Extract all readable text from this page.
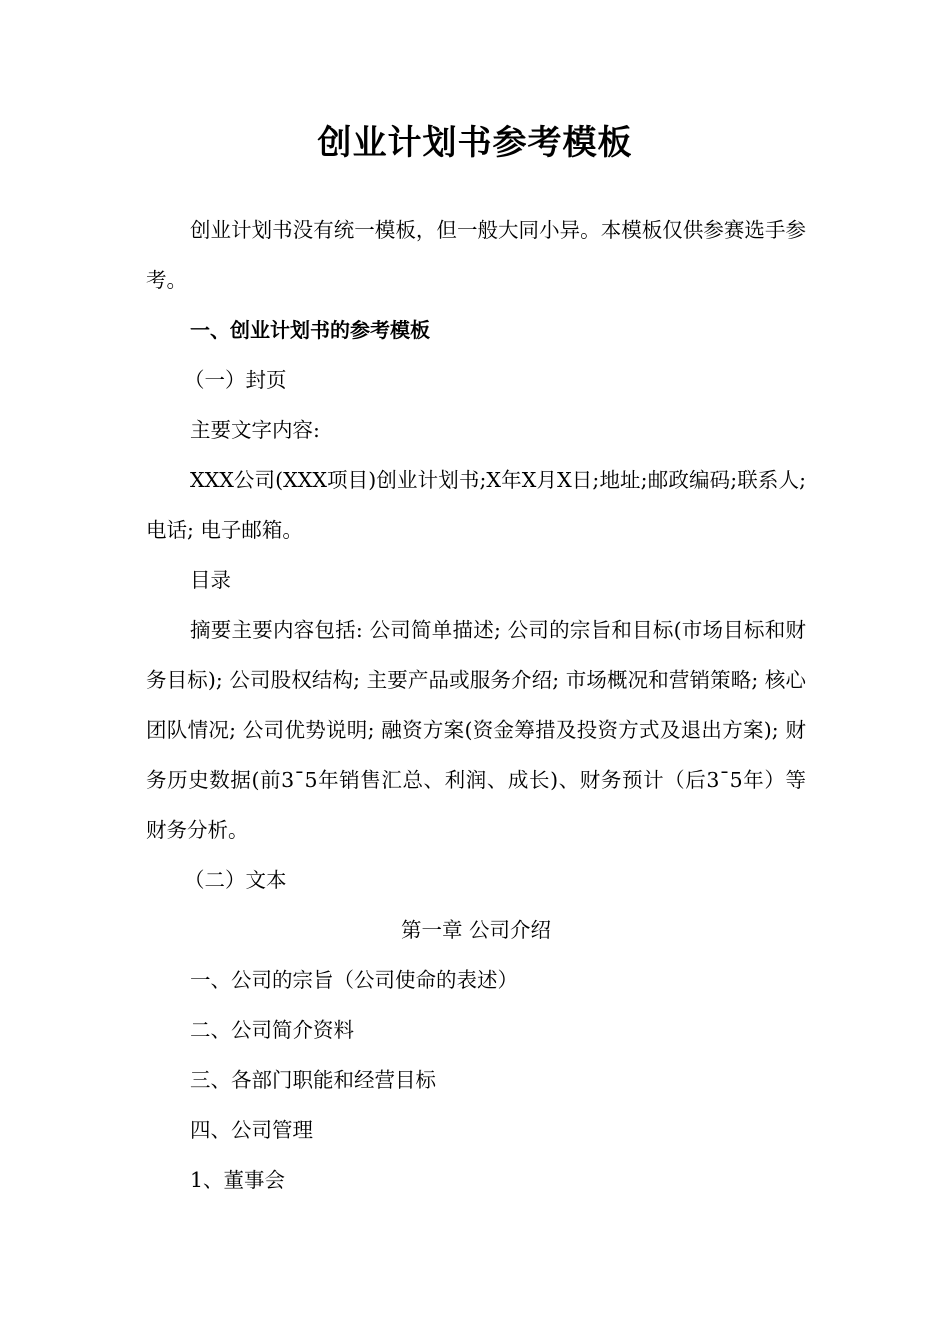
创业计划书参考模板

创业计划书没有统一模板，但一般大同小异。本模板仅供参赛选手参考。

一、创业计划书的参考模板

（一）封页

主要文字内容:

XXX公司(XXX项目)创业计划书;X年X月X日;地址;邮政编码;联系人; 电话; 电子邮箱。

目录

摘要主要内容包括: 公司简单描述; 公司的宗旨和目标(市场目标和财务目标); 公司股权结构; 主要产品或服务介绍; 市场概况和营销策略; 核心团队情况; 公司优势说明; 融资方案(资金筹措及投资方式及退出方案); 财务历史数据(前3¯5年销售汇总、利润、成长)、财务预计（后3¯5年）等财务分析。

（二）文本

第一章 公司介绍

一、公司的宗旨（公司使命的表述）

二、公司简介资料

三、各部门职能和经营目标

四、公司管理

1、董事会
